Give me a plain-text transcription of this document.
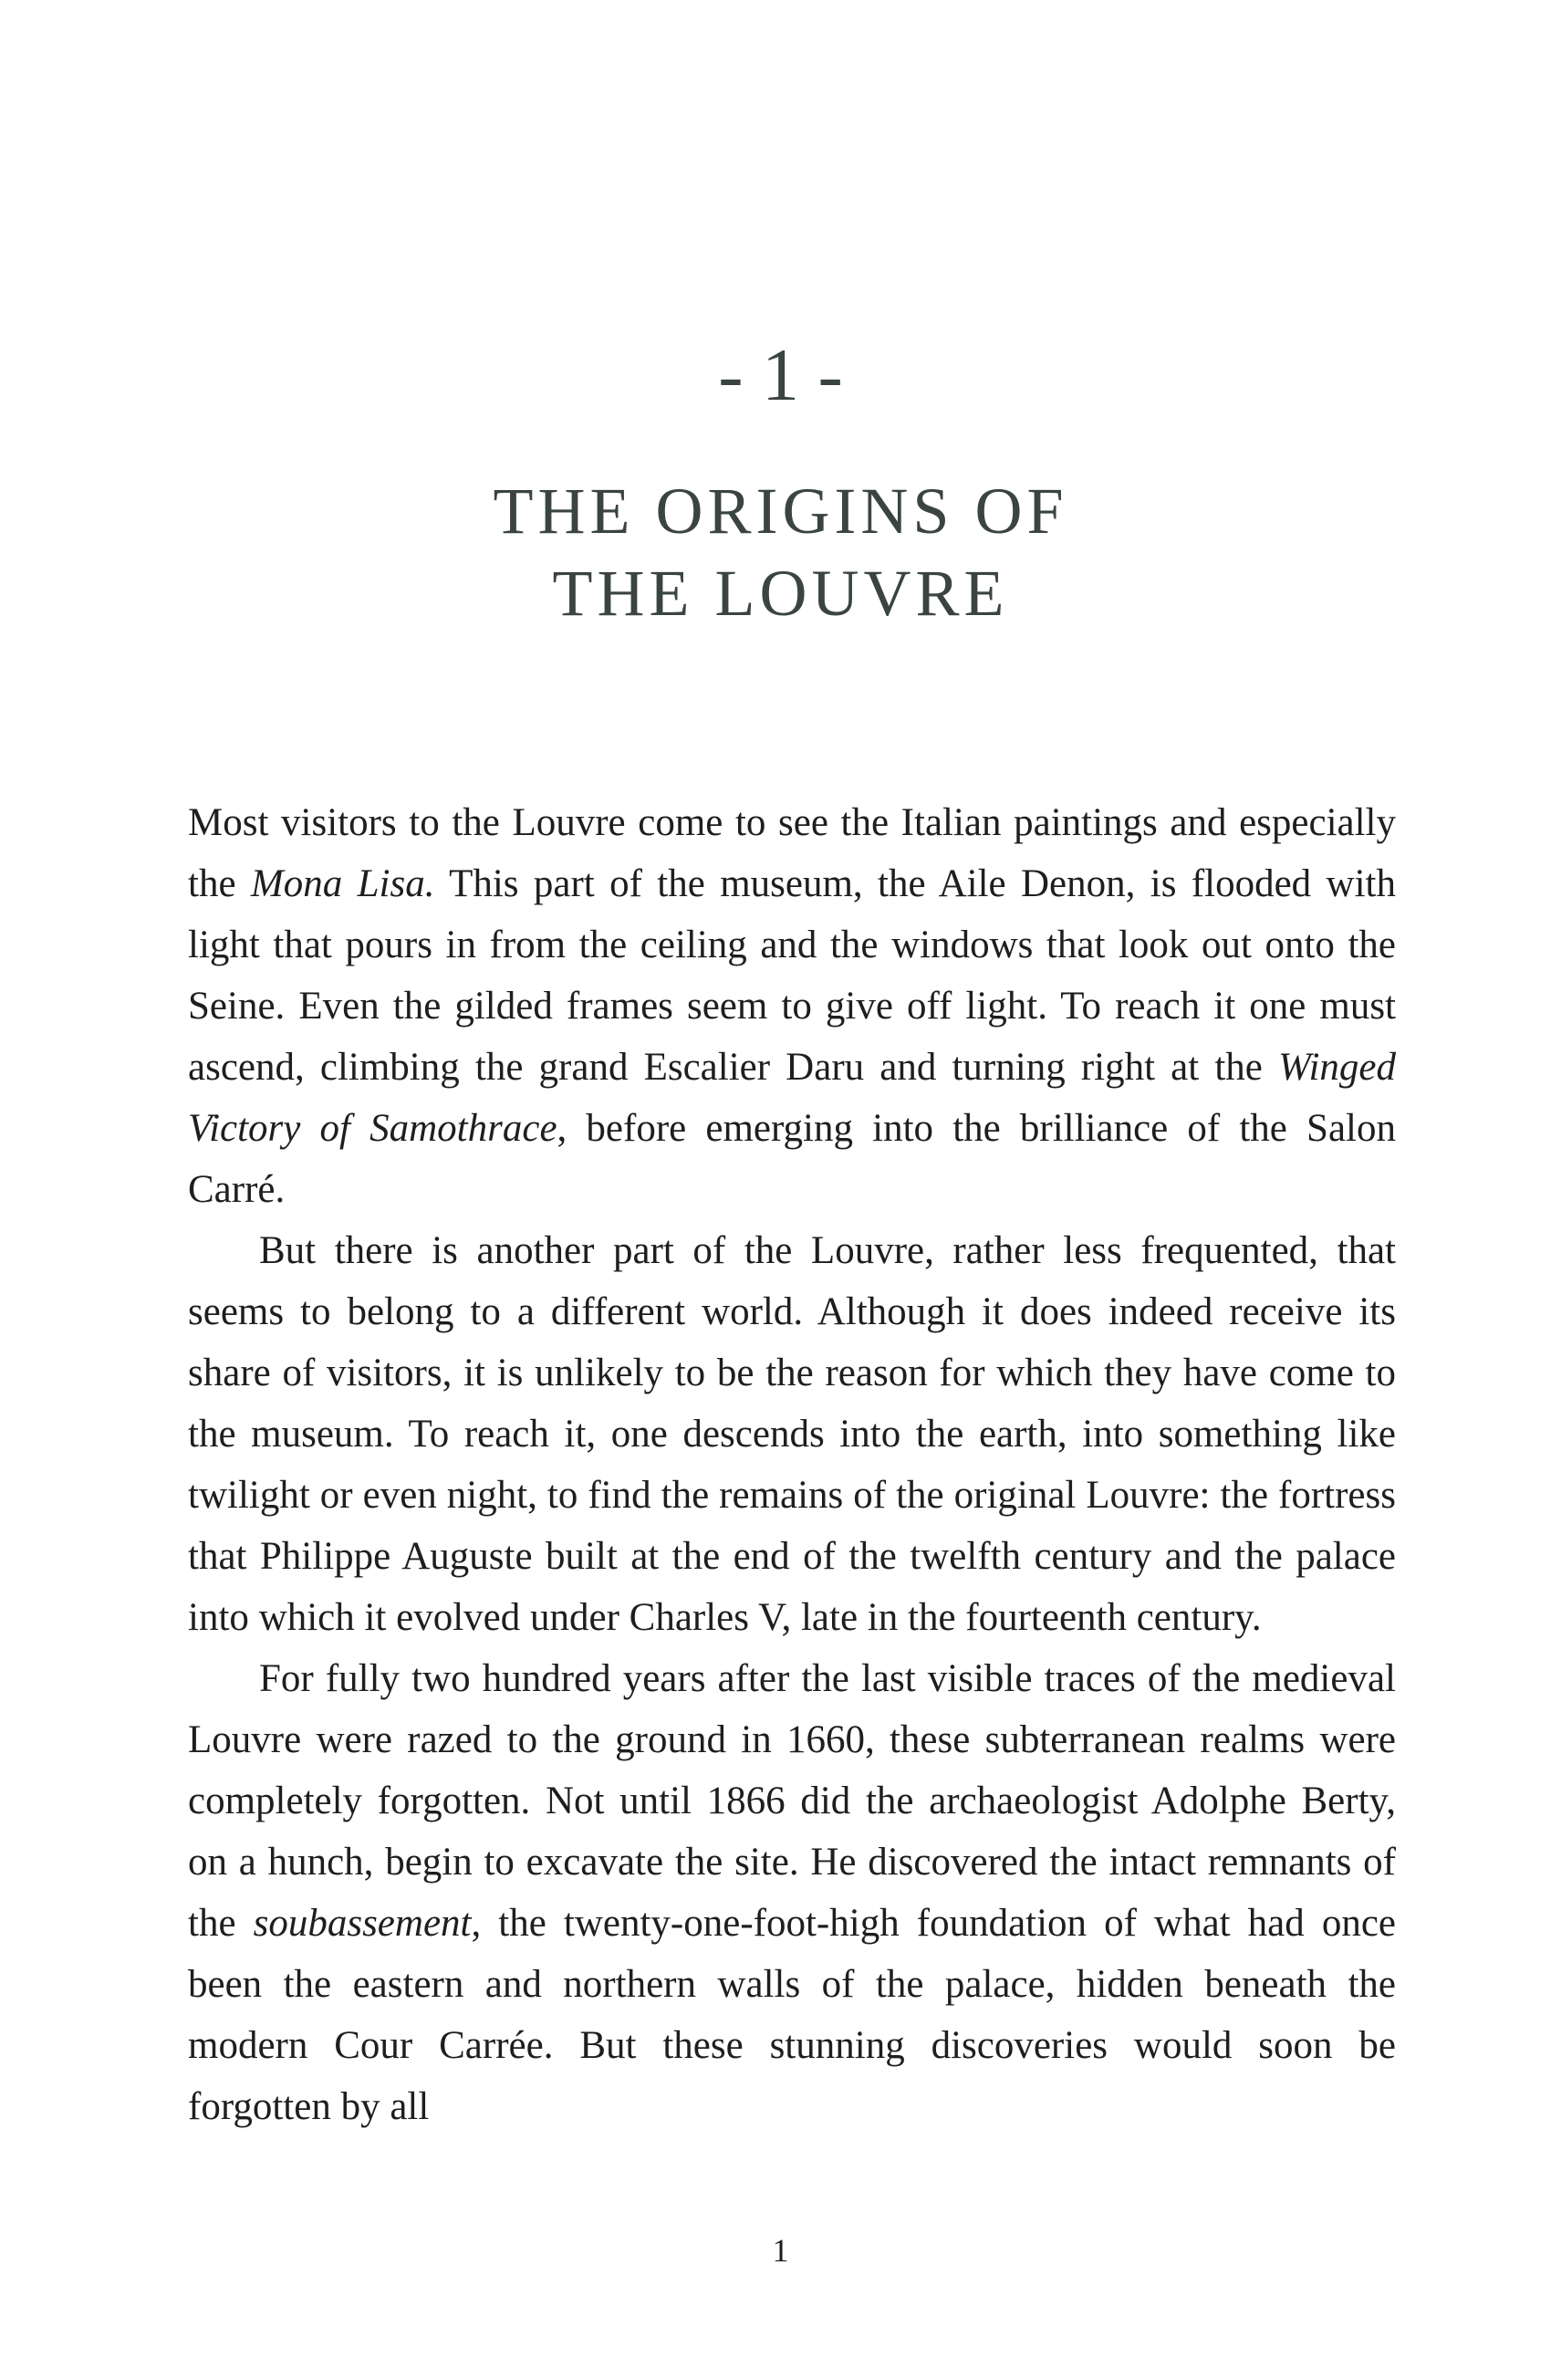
- 1 -
THE ORIGINS OF
THE LOUVRE

Most visitors to the Louvre come to see the Italian paintings and especially the Mona Lisa. This part of the museum, the Aile Denon, is flooded with light that pours in from the ceiling and the windows that look out onto the Seine. Even the gilded frames seem to give off light. To reach it one must ascend, climbing the grand Escalier Daru and turning right at the Winged Victory of Samothrace, before emerging into the brilliance of the Salon Carré.

But there is another part of the Louvre, rather less frequented, that seems to belong to a different world. Although it does indeed receive its share of visitors, it is unlikely to be the reason for which they have come to the museum. To reach it, one descends into the earth, into something like twilight or even night, to find the remains of the original Louvre: the fortress that Philippe Auguste built at the end of the twelfth century and the palace into which it evolved under Charles V, late in the fourteenth century.

For fully two hundred years after the last visible traces of the medieval Louvre were razed to the ground in 1660, these subterranean realms were completely forgotten. Not until 1866 did the archaeologist Adolphe Berty, on a hunch, begin to excavate the site. He discovered the intact remnants of the soubassement, the twenty-one-foot-high foundation of what had once been the eastern and northern walls of the palace, hidden beneath the modern Cour Carrée. But these stunning discoveries would soon be forgotten by all

1
